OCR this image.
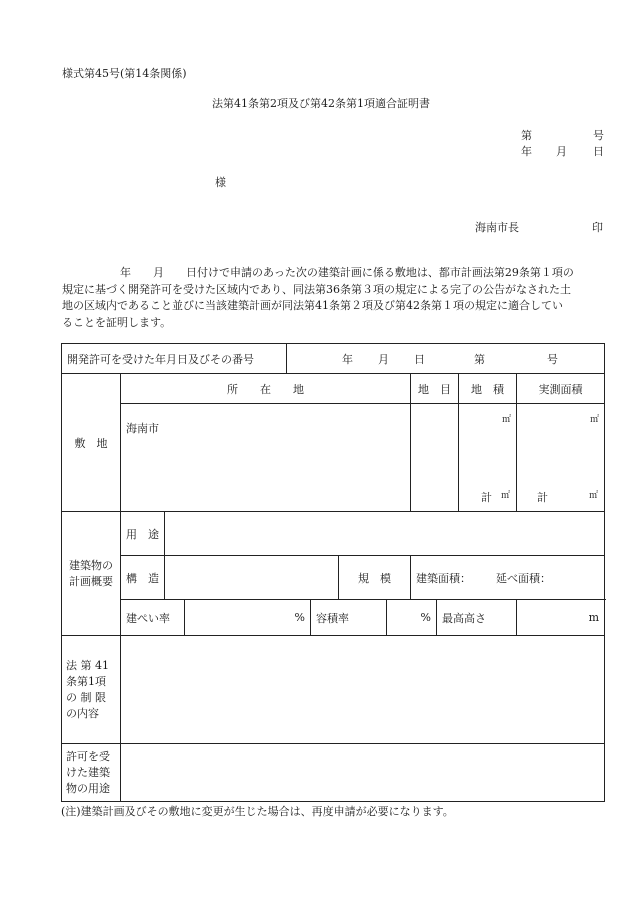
様式第45号(第14条関係)
法第41条第2項及び第42条第1項適合証明書
第	号
年 月 日
様
海南市長	印
年　　月　　日付けで申請のあった次の建築計画に係る敷地は、都市計画法第29条第１項の
規定に基づく開発許可を受けた区域内であり、同法第36条第３項の規定による完了の公告がなされた土
地の区域内であること並びに当該建築計画が同法第41条第２項及び第42条第１項の規定に適合してい
ることを証明します。
開発許可を受けた年月日及びその番号				年 月 日 第 号							

敷　地	所　　在　　地							地　目		地　積	実測面積
	海南市									㎡	㎡

										計 ㎡	計 ㎡

建築物の
計画概要	用　途										
	構　造					規　模		建築面積： 延べ面積：			

	建ぺい率		%		容積率		%		最高高さ		m

法 第 41
条第1項
の 制 限
の内容											

許可を受
けた建築
物の用途											

(注)建築計画及びその敷地に変更が生じた場合は、再度申請が必要になります。
